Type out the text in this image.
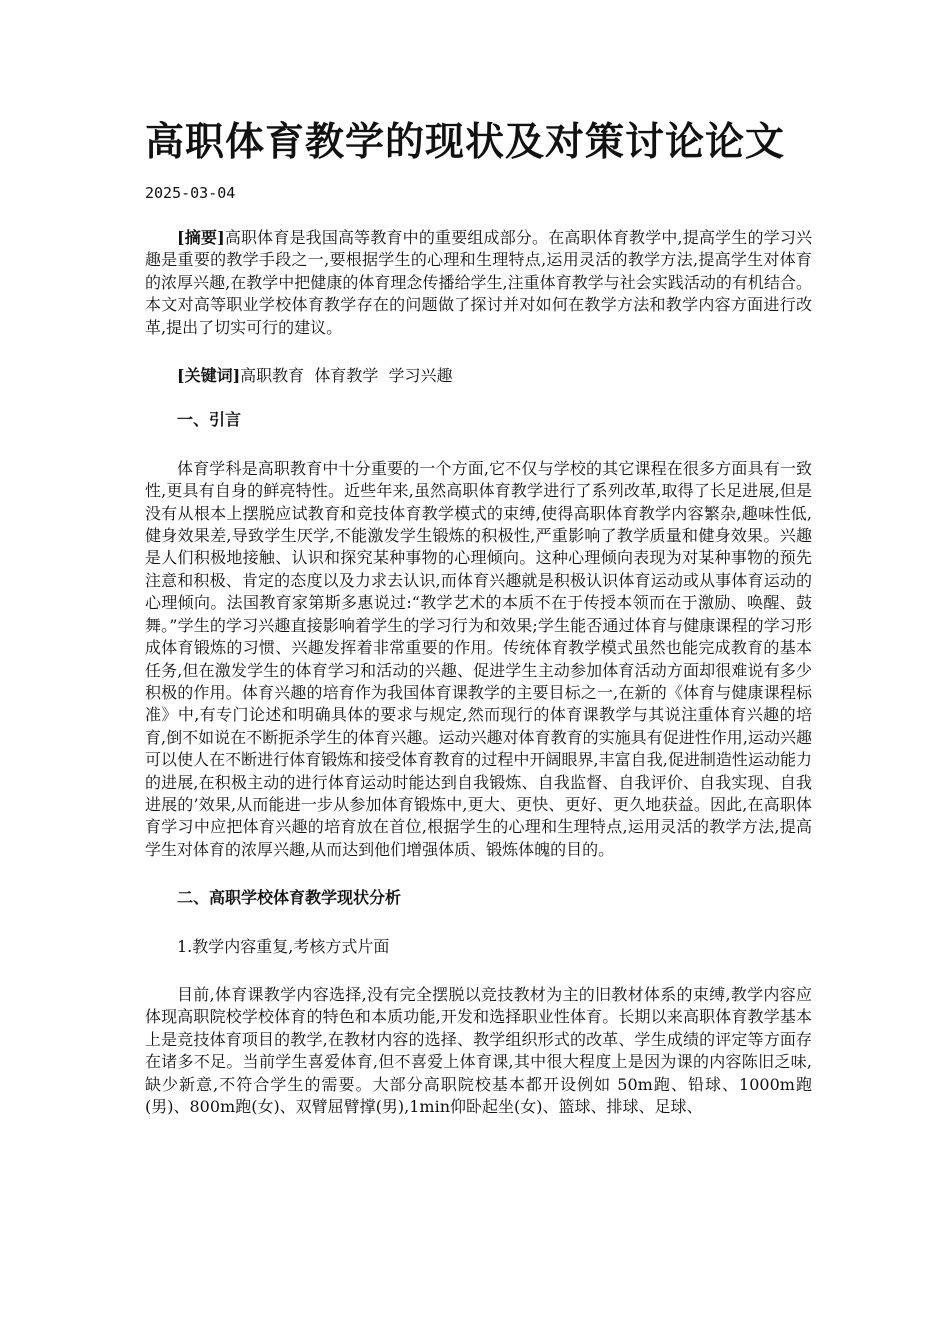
高职体育教学的现状及对策讨论论文
2025-03-04

[摘要]高职体育是我国高等教育中的重要组成部分。在高职体育教学中,提高学生的学习兴趣是重要的教学手段之一,要根据学生的心理和生理特点,运用灵活的教学方法,提高学生对体育的浓厚兴趣,在教学中把健康的体育理念传播给学生,注重体育教学与社会实践活动的有机结合。本文对高等职业学校体育教学存在的问题做了探讨并对如何在教学方法和教学内容方面进行改革,提出了切实可行的建议。

[关键词]高职教育  体育教学  学习兴趣

一、引言

体育学科是高职教育中十分重要的一个方面,它不仅与学校的其它课程在很多方面具有一致性,更具有自身的鲜亮特性。近些年来,虽然高职体育教学进行了系列改革,取得了长足进展,但是没有从根本上摆脱应试教育和竞技体育教学模式的束缚,使得高职体育教学内容繁杂,趣味性低,健身效果差,导致学生厌学,不能激发学生锻炼的积极性,严重影响了教学质量和健身效果。兴趣是人们积极地接触、认识和探究某种事物的心理倾向。这种心理倾向表现为对某种事物的预先注意和积极、肯定的态度以及力求去认识,而体育兴趣就是积极认识体育运动或从事体育运动的心理倾向。法国教育家第斯多惠说过:“教学艺术的本质不在于传授本领而在于激励、唤醒、鼓舞。”学生的学习兴趣直接影响着学生的学习行为和效果;学生能否通过体育与健康课程的学习形成体育锻炼的习惯、兴趣发挥着非常重要的作用。传统体育教学模式虽然也能完成教育的基本任务,但在激发学生的体育学习和活动的兴趣、促进学生主动参加体育活动方面却很难说有多少积极的作用。体育兴趣的培育作为我国体育课教学的主要目标之一,在新的《体育与健康课程标准》中,有专门论述和明确具体的要求与规定,然而现行的体育课教学与其说注重体育兴趣的培育,倒不如说在不断扼杀学生的体育兴趣。运动兴趣对体育教育的实施具有促进性作用,运动兴趣可以使人在不断进行体育锻炼和接受体育教育的过程中开阔眼界,丰富自我,促进制造性运动能力的进展,在积极主动的进行体育运动时能达到自我锻炼、自我监督、自我评价、自我实现、自我进展的’效果,从而能进一步从参加体育锻炼中,更大、更快、更好、更久地获益。因此,在高职体育学习中应把体育兴趣的培育放在首位,根据学生的心理和生理特点,运用灵活的教学方法,提高学生对体育的浓厚兴趣,从而达到他们增强体质、锻炼体魄的目的。

二、高职学校体育教学现状分析

1.教学内容重复,考核方式片面

目前,体育课教学内容选择,没有完全摆脱以竞技教材为主的旧教材体系的束缚,教学内容应体现高职院校学校体育的特色和本质功能,开发和选择职业性体育。长期以来高职体育教学基本上是竞技体育项目的教学,在教材内容的选择、教学组织形式的改革、学生成绩的评定等方面存在诸多不足。当前学生喜爱体育,但不喜爱上体育课,其中很大程度上是因为课的内容陈旧乏味,缺少新意,不符合学生的需要。大部分高职院校基本都开设例如 50m跑、铅球、1000m跑(男)、800m跑(女)、双臂屈臂撑(男),1min仰卧起坐(女)、篮球、排球、足球、
